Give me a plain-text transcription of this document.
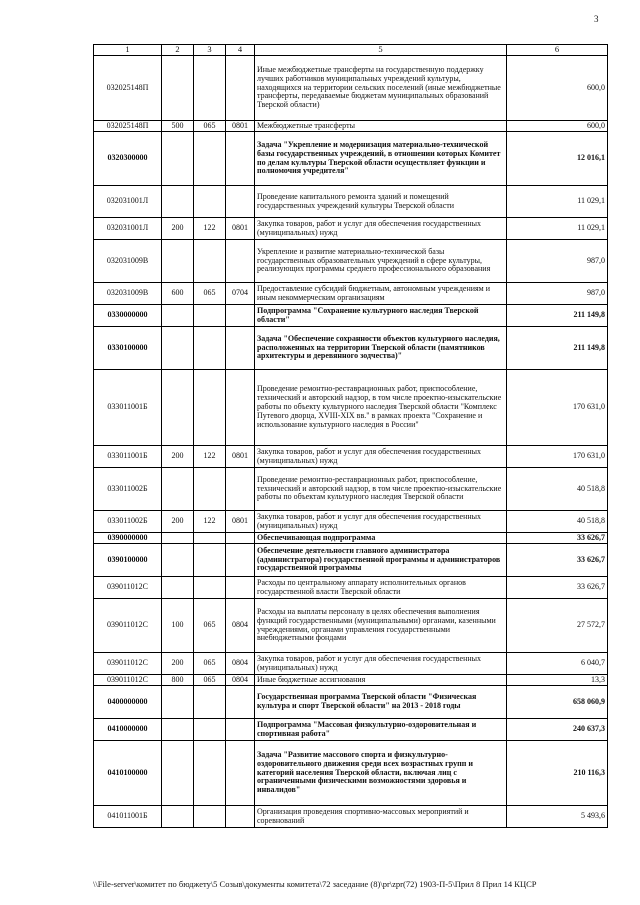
3
1	2	3	4	5	6
032025148П				Иные межбюджетные трансферты на государственную поддержку лучших работников муниципальных учреждений культуры, находящихся на территории сельских поселений (иные межбюджетные трансферты, передаваемые бюджетам муниципальных образований Тверской области)	600,0
032025148П	500	065	0801	Межбюджетные трансферты	600,0
0320300000				Задача "Укрепление и модернизация материально-технической базы государственных учреждений, в отношении которых Комитет по делам культуры Тверской области осуществляет функции и полномочия учредителя"	12 016,1
032031001Л				Проведение капитального ремонта зданий и помещений государственных учреждений культуры Тверской области	11 029,1
032031001Л	200	122	0801	Закупка товаров, работ и услуг для обеспечения государственных (муниципальных) нужд	11 029,1
032031009В				Укрепление и развитие материально-технической базы государственных образовательных учреждений в сфере культуры, реализующих программы среднего профессионального образования	987,0
032031009В	600	065	0704	Предоставление субсидий бюджетным, автономным учреждениям и иным некоммерческим организациям	987,0
0330000000				Подпрограмма "Сохранение культурного наследия Тверской области"	211 149,8
0330100000				Задача "Обеспечение сохранности объектов культурного наследия, расположенных на территории Тверской области (памятников архитектуры и деревянного зодчества)"	211 149,8
033011001Б				Проведение ремонтно-реставрационных работ, приспособление, технический и авторский надзор, в том числе проектно-изыскательские работы по объекту культурного наследия Тверской области "Комплекс Путевого дворца, XVIII-XIX вв." в рамках проекта "Сохранение и использование культурного наследия в России"	170 631,0
033011001Б	200	122	0801	Закупка товаров, работ и услуг для обеспечения государственных (муниципальных) нужд	170 631,0
033011002Б				Проведение ремонтно-реставрационных работ, приспособление, технический и авторский надзор, в том числе проектно-изыскательские работы по объектам культурного наследия Тверской области	40 518,8
033011002Б	200	122	0801	Закупка товаров, работ и услуг для обеспечения государственных (муниципальных) нужд	40 518,8
0390000000				Обеспечивающая подпрограмма	33 626,7
0390100000				Обеспечение деятельности главного администратора (администратора) государственной программы и администраторов государственной программы	33 626,7
039011012С				Расходы по центральному аппарату исполнительных органов государственной власти Тверской области	33 626,7
039011012С	100	065	0804	Расходы на выплаты персоналу в целях обеспечения выполнения функций государственными (муниципальными) органами, казенными учреждениями, органами управления государственными внебюджетными фондами	27 572,7
039011012С	200	065	0804	Закупка товаров, работ и услуг для обеспечения государственных (муниципальных) нужд	6 040,7
039011012С	800	065	0804	Иные бюджетные ассигнования	13,3
0400000000				Государственная программа Тверской области "Физическая культура и спорт Тверской области" на 2013 - 2018 годы	658 060,9
0410000000				Подпрограмма "Массовая физкультурно-оздоровительная и спортивная работа"	240 637,3
0410100000				Задача "Развитие массового спорта и физкультурно-оздоровительного движения среди всех возрастных групп и категорий населения Тверской области, включая лиц с ограниченными физическими возможностями здоровья и инвалидов"	210 116,3
041011001Б				Организация проведения спортивно-массовых мероприятий и соревнований	5 493,6
\\File-server\комитет по бюджету\5 Созыв\документы комитета\72 заседание (8)\pr\zpr(72) 1903-П-5\Прил 8 Прил 14 КЦСР
